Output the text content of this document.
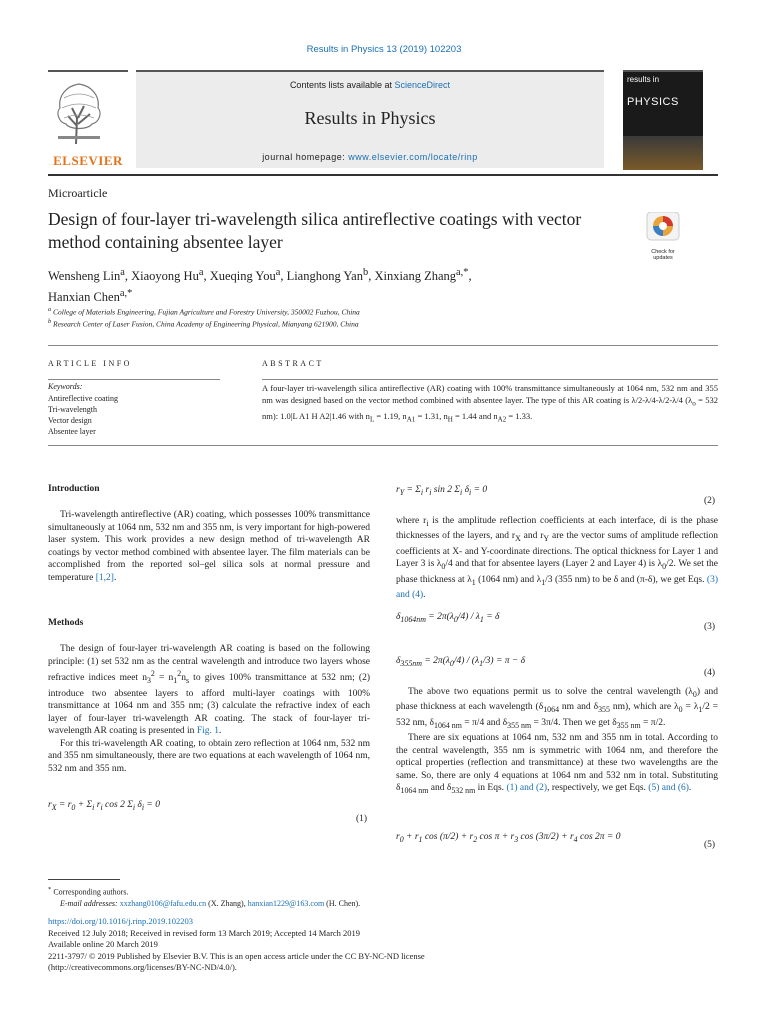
Results in Physics 13 (2019) 102203
ELSEVIER
Contents lists available at ScienceDirect
Results in Physics
journal homepage: www.elsevier.com/locate/rinp
results in
PHYSICS
Microarticle
Design of four-layer tri-wavelength silica antireflective coatings with vector method containing absentee layer	Check for updates
Wensheng Lin$^a$, Xiaoyong Hu$^a$, Xueqing You$^a$, Lianghong Yan$^b$, Xinxiang Zhang$^{a,*}$,
Hanxian Chen$^{a,*}$
$^a$ College of Materials Engineering, Fujian Agriculture and Forestry University, 350002 Fuzhou, China
$^b$ Research Center of Laser Fusion, China Academy of Engineering Physical, Mianyang 621900, China
ARTICLE INFO	ABSTRACT
Keywords:
Antireflective coating
Tri-wavelength
Vector design
Absentee layer
A four-layer tri-wavelength silica antireflective (AR) coating with 100% transmittance simultaneously at 1064 nm, 532 nm and 355 nm was designed based on the vector method combined with absentee layer. The type of this AR coating is λ/2-λ/4-λ/2-λ/4 ($\lambda_o = 532$ nm): 1.0|L A1 H A2|1.46 with $n_L = 1.19$, $n_{A1} = 1.31$, $n_H = 1.44$ and $n_{A2} = 1.33$.
Introduction

Tri-wavelength antireflective (AR) coating, which possesses 100% transmittance simultaneously at 1064 nm, 532 nm and 355 nm, is very important for high-powered laser system. This work provides a new design method of tri-wavelength AR coatings by vector method combined with absentee layer. The film materials can be accomplished from the reported sol–gel silica sols at normal pressure and temperature [1,2].

Methods

The design of four-layer tri-wavelength AR coating is based on the following principle: (1) set 532 nm as the central wavelength and introduce two layers whose refractive indices meet $n_3^2 = n_1^2n_s$ to gives 100% transmittance at 532 nm; (2) introduce two absentee layers to afford multi-layer coatings with 100% transmittance at 1064 nm and 355 nm; (3) calculate the refractive index of each layer of four-layer tri-wavelength AR coating. The stack of four-layer tri-wavelength AR coating is presented in Fig. 1.

For this tri-wavelength AR coating, to obtain zero reflection at 1064 nm, 532 nm and 355 nm simultaneously, there are two equations at each wavelength of 1064 nm, 532 nm and 355 nm.

$r_X = r_0 + \Sigma_i$ $r_i$ cos 2 $\Sigma_i$ $\delta_i = 0$
(1)
$r_Y = \Sigma_i$ $r_i$ sin 2 $\Sigma_i$ $\delta_i = 0$
(2)

where $r_i$ is the amplitude reflection coefficients at each interface, di is the phase thicknesses of the layers, and $r_X$ and $r_Y$ are the vector sums of amplitude reflection coefficients at X- and Y-coordinate directions. The optical thickness for Layer 1 and Layer 3 is $\lambda_0/4$ and that for absentee layers (Layer 2 and Layer 4) is $\lambda_0/2$. We set the phase thickness at $\lambda_1$ (1064 nm) and $\lambda_1/3$ (355 nm) to be δ and (π-δ), we get Eqs. (3) and (4).

$\delta_{1064nm} = 2\pi(\lambda_0/4) / \lambda_1 = \delta$
(3)
$\delta_{355nm} = 2\pi(\lambda_0/4) / (\lambda_1/3) = \pi - \delta$
(4)

The above two equations permit us to solve the central wavelength $(\lambda_0)$ and phase thickness at each wavelength ($\delta_{1064}$ nm and $\delta_{355}$ nm), which are $\lambda_0 = \lambda_1/2 = 532$ nm, $\delta_{1064 nm} = \pi/4$ and $\delta_{355 nm} = 3\pi/4$. Then we get $\delta_{355 nm} = \pi/2$.

There are six equations at 1064 nm, 532 nm and 355 nm in total. According to the central wavelength, 355 nm is symmetric with 1064 nm, and therefore the optical properties (reflection and transmittance) at these two wavelengths are the same. So, there are only 4 equations at 1064 nm and 532 nm in total. Substituting $\delta_{1064 nm}$ and $\delta_{532 nm}$ in Eqs. (1) and (2), respectively, we get Eqs. (5) and (6).

$r_0 + r_1$ $\cos (\pi/2) + r_2$ $\cos \pi + r_3$ $\cos (3\pi/2) + r_4$ cos 2π = 0
(5)
* Corresponding authors.
E-mail addresses: xxzhang0106@fafu.edu.cn (X. Zhang), hanxian1229@163.com (H. Chen).
https://doi.org/10.1016/j.rinp.2019.102203
Received 12 July 2018; Received in revised form 13 March 2019; Accepted 14 March 2019
Available online 20 March 2019
2211-3797/ © 2019 Published by Elsevier B.V. This is an open access article under the CC BY-NC-ND license
(http://creativecommons.org/licenses/BY-NC-ND/4.0/).
